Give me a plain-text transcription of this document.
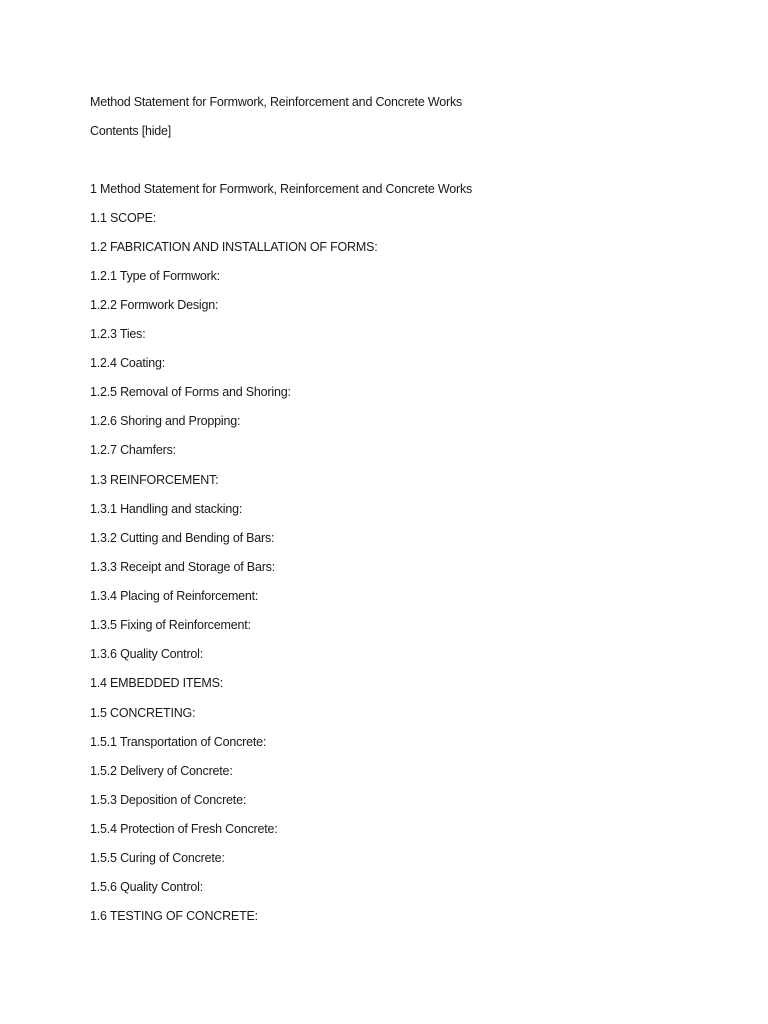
Method Statement for Formwork, Reinforcement and Concrete Works
Contents [hide]
1 Method Statement for Formwork, Reinforcement and Concrete Works
1.1 SCOPE:
1.2 FABRICATION AND INSTALLATION OF FORMS:
1.2.1 Type of Formwork:
1.2.2 Formwork Design:
1.2.3 Ties:
1.2.4 Coating:
1.2.5 Removal of Forms and Shoring:
1.2.6 Shoring and Propping:
1.2.7 Chamfers:
1.3 REINFORCEMENT:
1.3.1 Handling and stacking:
1.3.2 Cutting and Bending of Bars:
1.3.3 Receipt and Storage of Bars:
1.3.4 Placing of Reinforcement:
1.3.5 Fixing of Reinforcement:
1.3.6 Quality Control:
1.4 EMBEDDED ITEMS:
1.5 CONCRETING:
1.5.1 Transportation of Concrete:
1.5.2 Delivery of Concrete:
1.5.3 Deposition of Concrete:
1.5.4 Protection of Fresh Concrete:
1.5.5 Curing of Concrete:
1.5.6 Quality Control:
1.6 TESTING OF CONCRETE:
